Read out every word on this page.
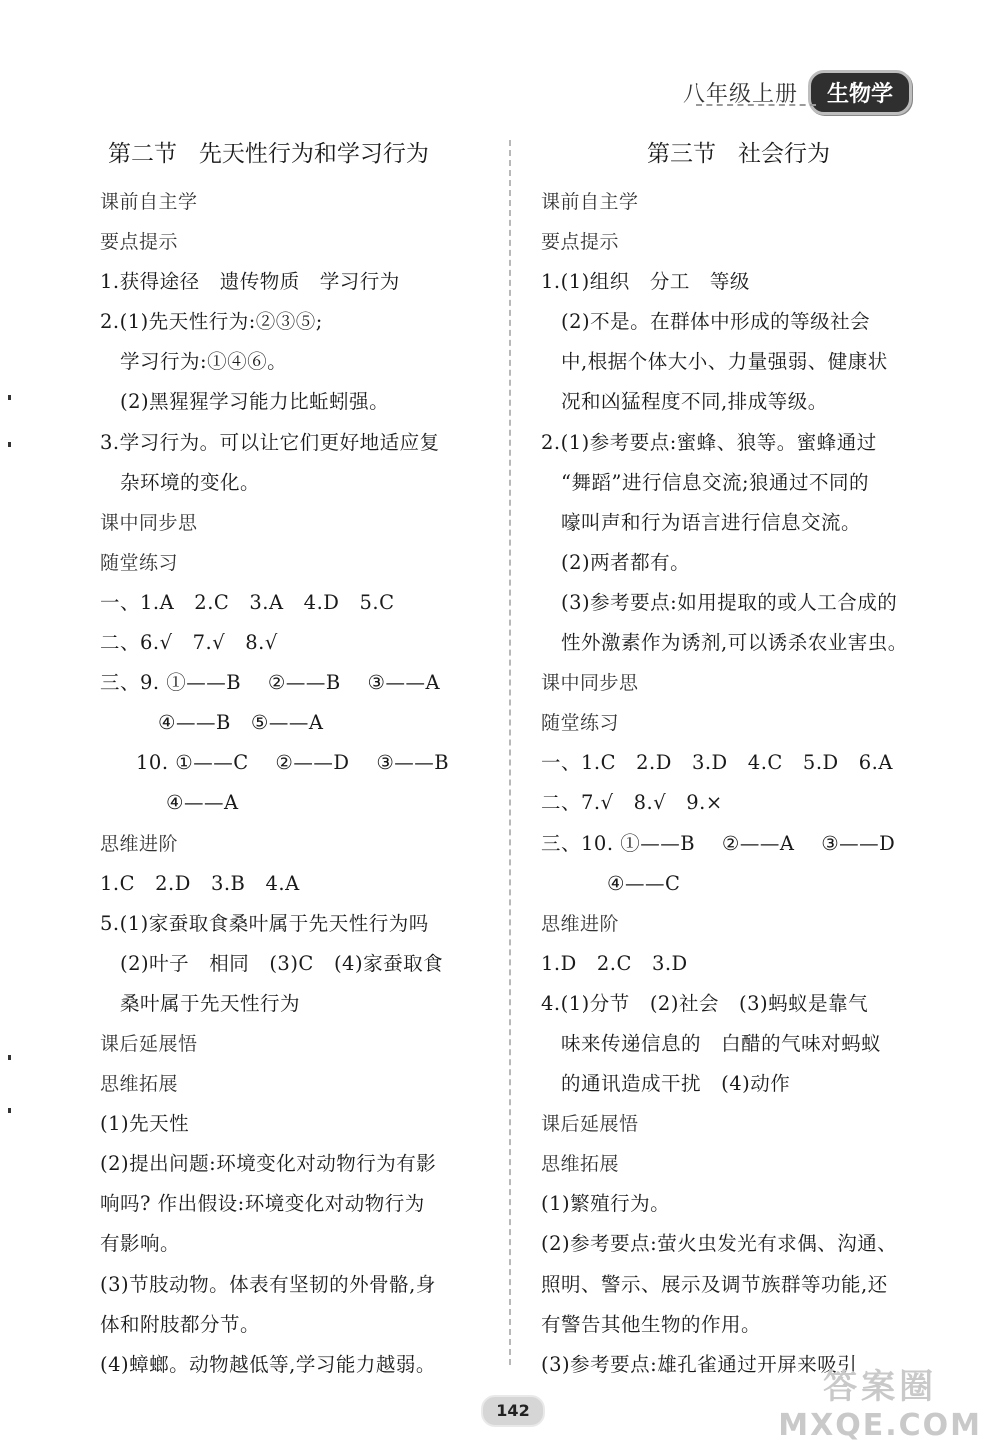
八年级上册	生物学
第二节   先天性行为和学习行为
课前自主学
要点提示
1.获得途径   遗传物质   学习行为
2.(1)先天性行为:②③⑤;
学习行为:①④⑥。
(2)黑猩猩学习能力比蚯蚓强。
3.学习行为。可以让它们更好地适应复
杂环境的变化。
课中同步思
随堂练习
一、1.A   2.C   3.A   4.D   5.C
二、6.√   7.√   8.√
三、9. ①——B    ②——B    ③——A
④——B   ⑤——A
10. ①——C    ②——D    ③——B
④——A
思维进阶
1.C   2.D   3.B   4.A
5.(1)家蚕取食桑叶属于先天性行为吗
(2)叶子   相同   (3)C   (4)家蚕取食
桑叶属于先天性行为
课后延展悟
思维拓展
(1)先天性
(2)提出问题:环境变化对动物行为有影
响吗? 作出假设:环境变化对动物行为
有影响。
(3)节肢动物。体表有坚韧的外骨骼,身
体和附肢都分节。
(4)蟑螂。动物越低等,学习能力越弱。
第三节   社会行为
课前自主学
要点提示
1.(1)组织   分工   等级
(2)不是。在群体中形成的等级社会
中,根据个体大小、力量强弱、健康状
况和凶猛程度不同,排成等级。
2.(1)参考要点:蜜蜂、狼等。蜜蜂通过
“舞蹈”进行信息交流;狼通过不同的
嚎叫声和行为语言进行信息交流。
(2)两者都有。
(3)参考要点:如用提取的或人工合成的
性外激素作为诱剂,可以诱杀农业害虫。
课中同步思
随堂练习
一、1.C   2.D   3.D   4.C   5.D   6.A
二、7.√   8.√   9.×
三、10. ①——B    ②——A    ③——D
④——C
思维进阶
1.D   2.C   3.D
4.(1)分节   (2)社会   (3)蚂蚁是靠气
味来传递信息的   白醋的气味对蚂蚁
的通讯造成干扰   (4)动作
课后延展悟
思维拓展
(1)繁殖行为。
(2)参考要点:萤火虫发光有求偶、沟通、
照明、警示、展示及调节族群等功能,还
有警告其他生物的作用。
(3)参考要点:雄孔雀通过开屏来吸引
142
答案圈
MXQE.COM
